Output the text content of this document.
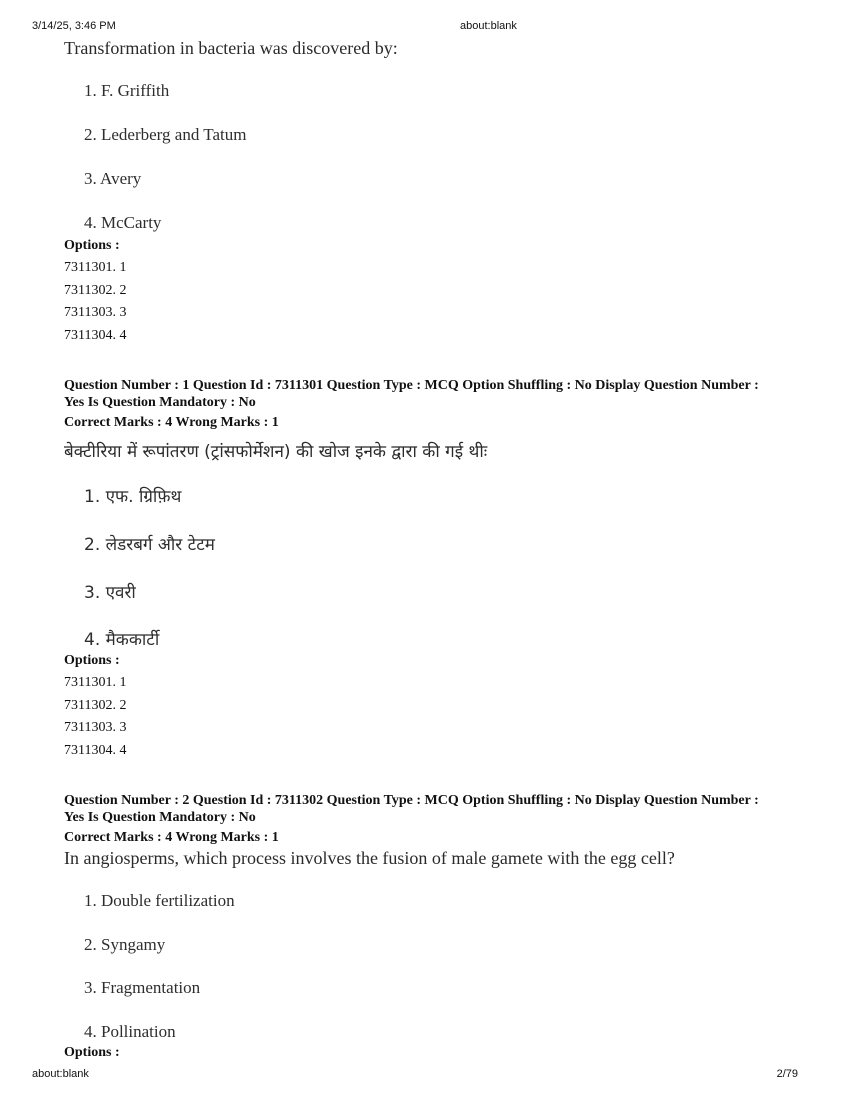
3/14/25, 3:46 PM	about:blank
Transformation in bacteria was discovered by:
1. F. Griffith
2. Lederberg and Tatum
3. Avery
4. McCarty
Options :
7311301. 1
7311302. 2
7311303. 3
7311304. 4
Question Number : 1 Question Id : 7311301 Question Type : MCQ Option Shuffling : No Display Question Number : Yes Is Question Mandatory : No
Correct Marks : 4 Wrong Marks : 1
बेक्टीरिया में रूपांतरण (ट्रांसफोर्मेशन) की खोज इनके द्वारा की गई थीः
1. एफ. ग्रिफ़िथ
2. लेडरबर्ग और टेटम
3. एवरी
4. मैककार्टी
Options :
7311301. 1
7311302. 2
7311303. 3
7311304. 4
Question Number : 2 Question Id : 7311302 Question Type : MCQ Option Shuffling : No Display Question Number : Yes Is Question Mandatory : No
Correct Marks : 4 Wrong Marks : 1
In angiosperms, which process involves the fusion of male gamete with the egg cell?
1. Double fertilization
2. Syngamy
3. Fragmentation
4. Pollination
Options :
about:blank	2/79
